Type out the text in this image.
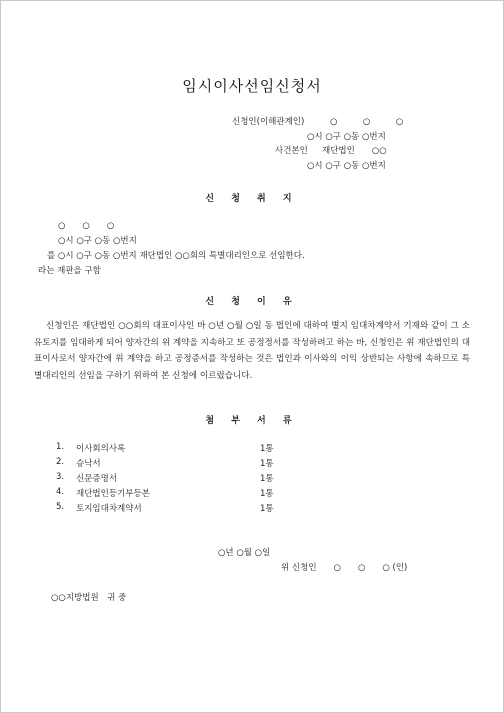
임시이사선임신청서
신청인(이해관계인)	○　　　○　　　○
○시 ○구 ○동 ○번지
사건본인 재단법인　　○○
○시 ○구 ○동 ○번지
신 청 취 지
○　　○　　○
○시 ○구 ○동 ○번지
를 ○시 ○구 ○동 ○번지 재단법인 ○○회의 특별대리인으로 선임한다.
라는 재판을 구함
신 청 이 유
신청인은 재단법인 ○○회의 대표이사인 바 ○년 ○월 ○일 동 법인에 대하여 별지 임대차계약서 기재와 같이 그 소유토지를 임대하게 되어 양자간의 위 계약을 지속하고 또 공정정서를 작성하려고 하는 바, 신청인은 위 재단법인의 대표이사로서 양자간에 위 계약을 하고 공정증서를 작성하는 것은 법인과 이사와의 이익 상반되는 사항에 속하므로 특별대리인의 선임을 구하기 위하여 본 신청에 이르렀습니다.
첨 부 서 류
1. 이사회의사록	1통
2. 승낙서	1통
3. 신문증명서	1통
4. 재단법인등기부등본	1통
5. 토지임대차계약서	1통
○년 ○월 ○일
위 신청인　　○　　○　　○ (인)
○○지방법원　귀 중
